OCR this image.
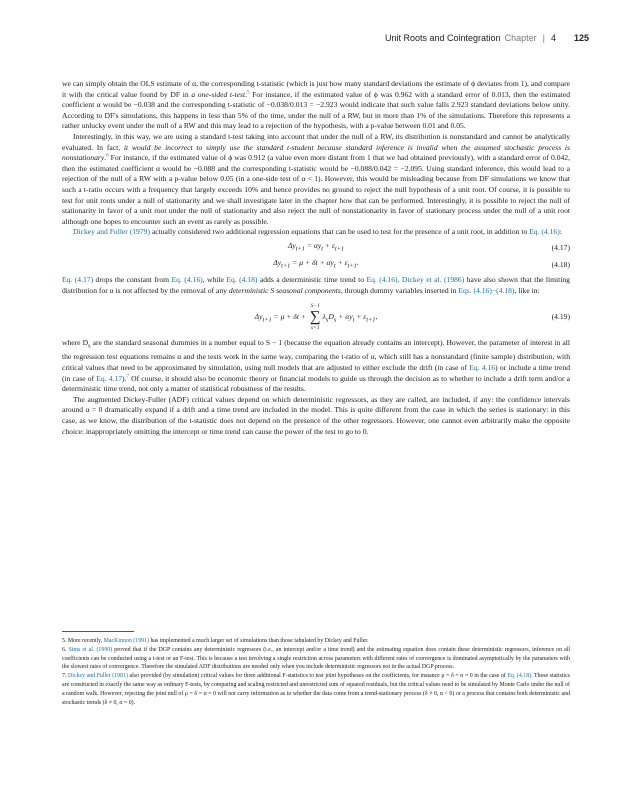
Unit Roots and Cointegration Chapter | 4 125

we can simply obtain the OLS estimate of α, the corresponding t-statistic (which is just how many standard deviations the estimate of ϕ deviates from 1), and compare it with the critical value found by DF in a one-sided t-test.$^5$ For instance, if the estimated value of ϕ was 0.962 with a standard error of 0.013, then the estimated coefficient α would be −0.038 and the corresponding t-statistic of −0.038/0.013 = −2.923 would indicate that such value falls 2.923 standard deviations below unity. According to DF's simulations, this happens in less than 5% of the time, under the null of a RW, but in more than 1% of the simulations. Therefore this represents a rather unlucky event under the null of a RW and this may lead to a rejection of the hypothesis, with a p-value between 0.01 and 0.05.

Interestingly, in this way, we are using a standard t-test taking into account that under the null of a RW, its distribution is nonstandard and cannot be analytically evaluated. In fact, it would be incorrect to simply use the standard t-student because standard inference is invalid when the assumed stochastic process is nonstationary.$^6$ For instance, if the estimated value of ϕ was 0.912 (a value even more distant from 1 that we had obtained previously), with a standard error of 0.042, then the estimated coefficient α would be −0.088 and the corresponding t-statistic would be −0.088/0.042 = −2.095. Using standard inference, this would lead to a rejection of the null of a RW with a p-value below 0.05 (in a one-side test of α < 1). However, this would be misleading because from DF simulations we know that such a t-ratio occurs with a frequency that largely exceeds 10% and hence provides no ground to reject the null hypothesis of a unit root. Of course, it is possible to test for unit roots under a null of stationarity and we shall investigate later in the chapter how that can be performed. Interestingly, it is possible to reject the null of stationarity in favor of a unit root under the null of stationarity and also reject the null of nonstationarity in favor of stationary process under the null of a unit root although one hopes to encounter such an event as rarely as possible.

Dickey and Fuller (1979) actually considered two additional regression equations that can be used to test for the presence of a unit root, in addition to Eq. (4.16):

$\Delta y_{t+1} = \alpha y_t + \varepsilon_{t+1}$	(4.17)
$\Delta y_{t+1} = \mu + \delta t + \alpha y_t + \varepsilon_{t+1}$.	(4.18)

Eq. (4.17) drops the constant from Eq. (4.16), while Eq. (4.18) adds a deterministic time trend to Eq. (4.16). Dickey et al. (1986) have also shown that the limiting distribution for α is not affected by the removal of any deterministic S seasonal components, through dummy variables inserted in Eqs. (4.16)−(4.18), like in:

$\Delta y_{t+1} = \mu + \delta t$ +
S−1
∑
s=1
$\lambda_sD_s + \alpha y_t + \varepsilon_{t+1}$,	(4.19)

where $D_s$ are the standard seasonal dummies in a number equal to S − 1 (because the equation already contains an intercept). However, the parameter of interest in all the regression test equations remains α and the tests work in the same way, comparing the t-ratio of α, which still has a nonstandard (finite sample) distribution, with critical values that need to be approximated by simulation, using null models that are adjusted to either exclude the drift (in case of Eq. 4.16) or include a time trend (in case of Eq. 4.17).$^7$ Of course, it should also be economic theory or financial models to guide us through the decision as to whether to include a drift term and/or a deterministic time trend, not only a matter of statistical robustness of the results.

The augmented Dickey-Fuller (ADF) critical values depend on which deterministic regressors, as they are called, are included, if any: the confidence intervals around α = 0 dramatically expand if a drift and a time trend are included in the model. This is quite different from the case in which the series is stationary: in this case, as we know, the distribution of the t-statistic does not depend on the presence of the other regressors. However, one cannot even arbitrarily make the opposite choice: inappropriately omitting the intercept or time trend can cause the power of the test to go to 0.

5. More recently, MacKinnon (1991) has implemented a much larger set of simulations than those tabulated by Dickey and Fuller.

6. Sims et al. (1990) proved that if the DGP contains any deterministic regressors (i.e., an intercept and/or a time trend) and the estimating equation does contain these deterministic regressors, inference on all coefficients can be conducted using a t-test or an F-test. This is because a test involving a single restriction across parameters with different rates of convergence is dominated asymptotically by the parameters with the slowest rates of convergence. Therefore the simulated ADF distributions are needed only when you include deterministic regressors not in the actual DGP process.

7. Dickey and Fuller (1981) also provided (by simulation) critical values for three additional F-statistics to test joint hypotheses on the coefficients, for instance μ = δ = α = 0 in the case of Eq. (4.18). These statistics are constructed in exactly the same way as ordinary F-tests, by comparing and scaling restricted and unrestricted sum of squared residuals, but the critical values need to be simulated by Monte Carlo under the null of a random walk. However, rejecting the joint null of μ = δ = α = 0 will not carry information as to whether the data come from a trend-stationary process (δ ≠ 0, α < 0) or a process that contains both deterministic and stochastic trends (δ ≠ 0, α = 0).
